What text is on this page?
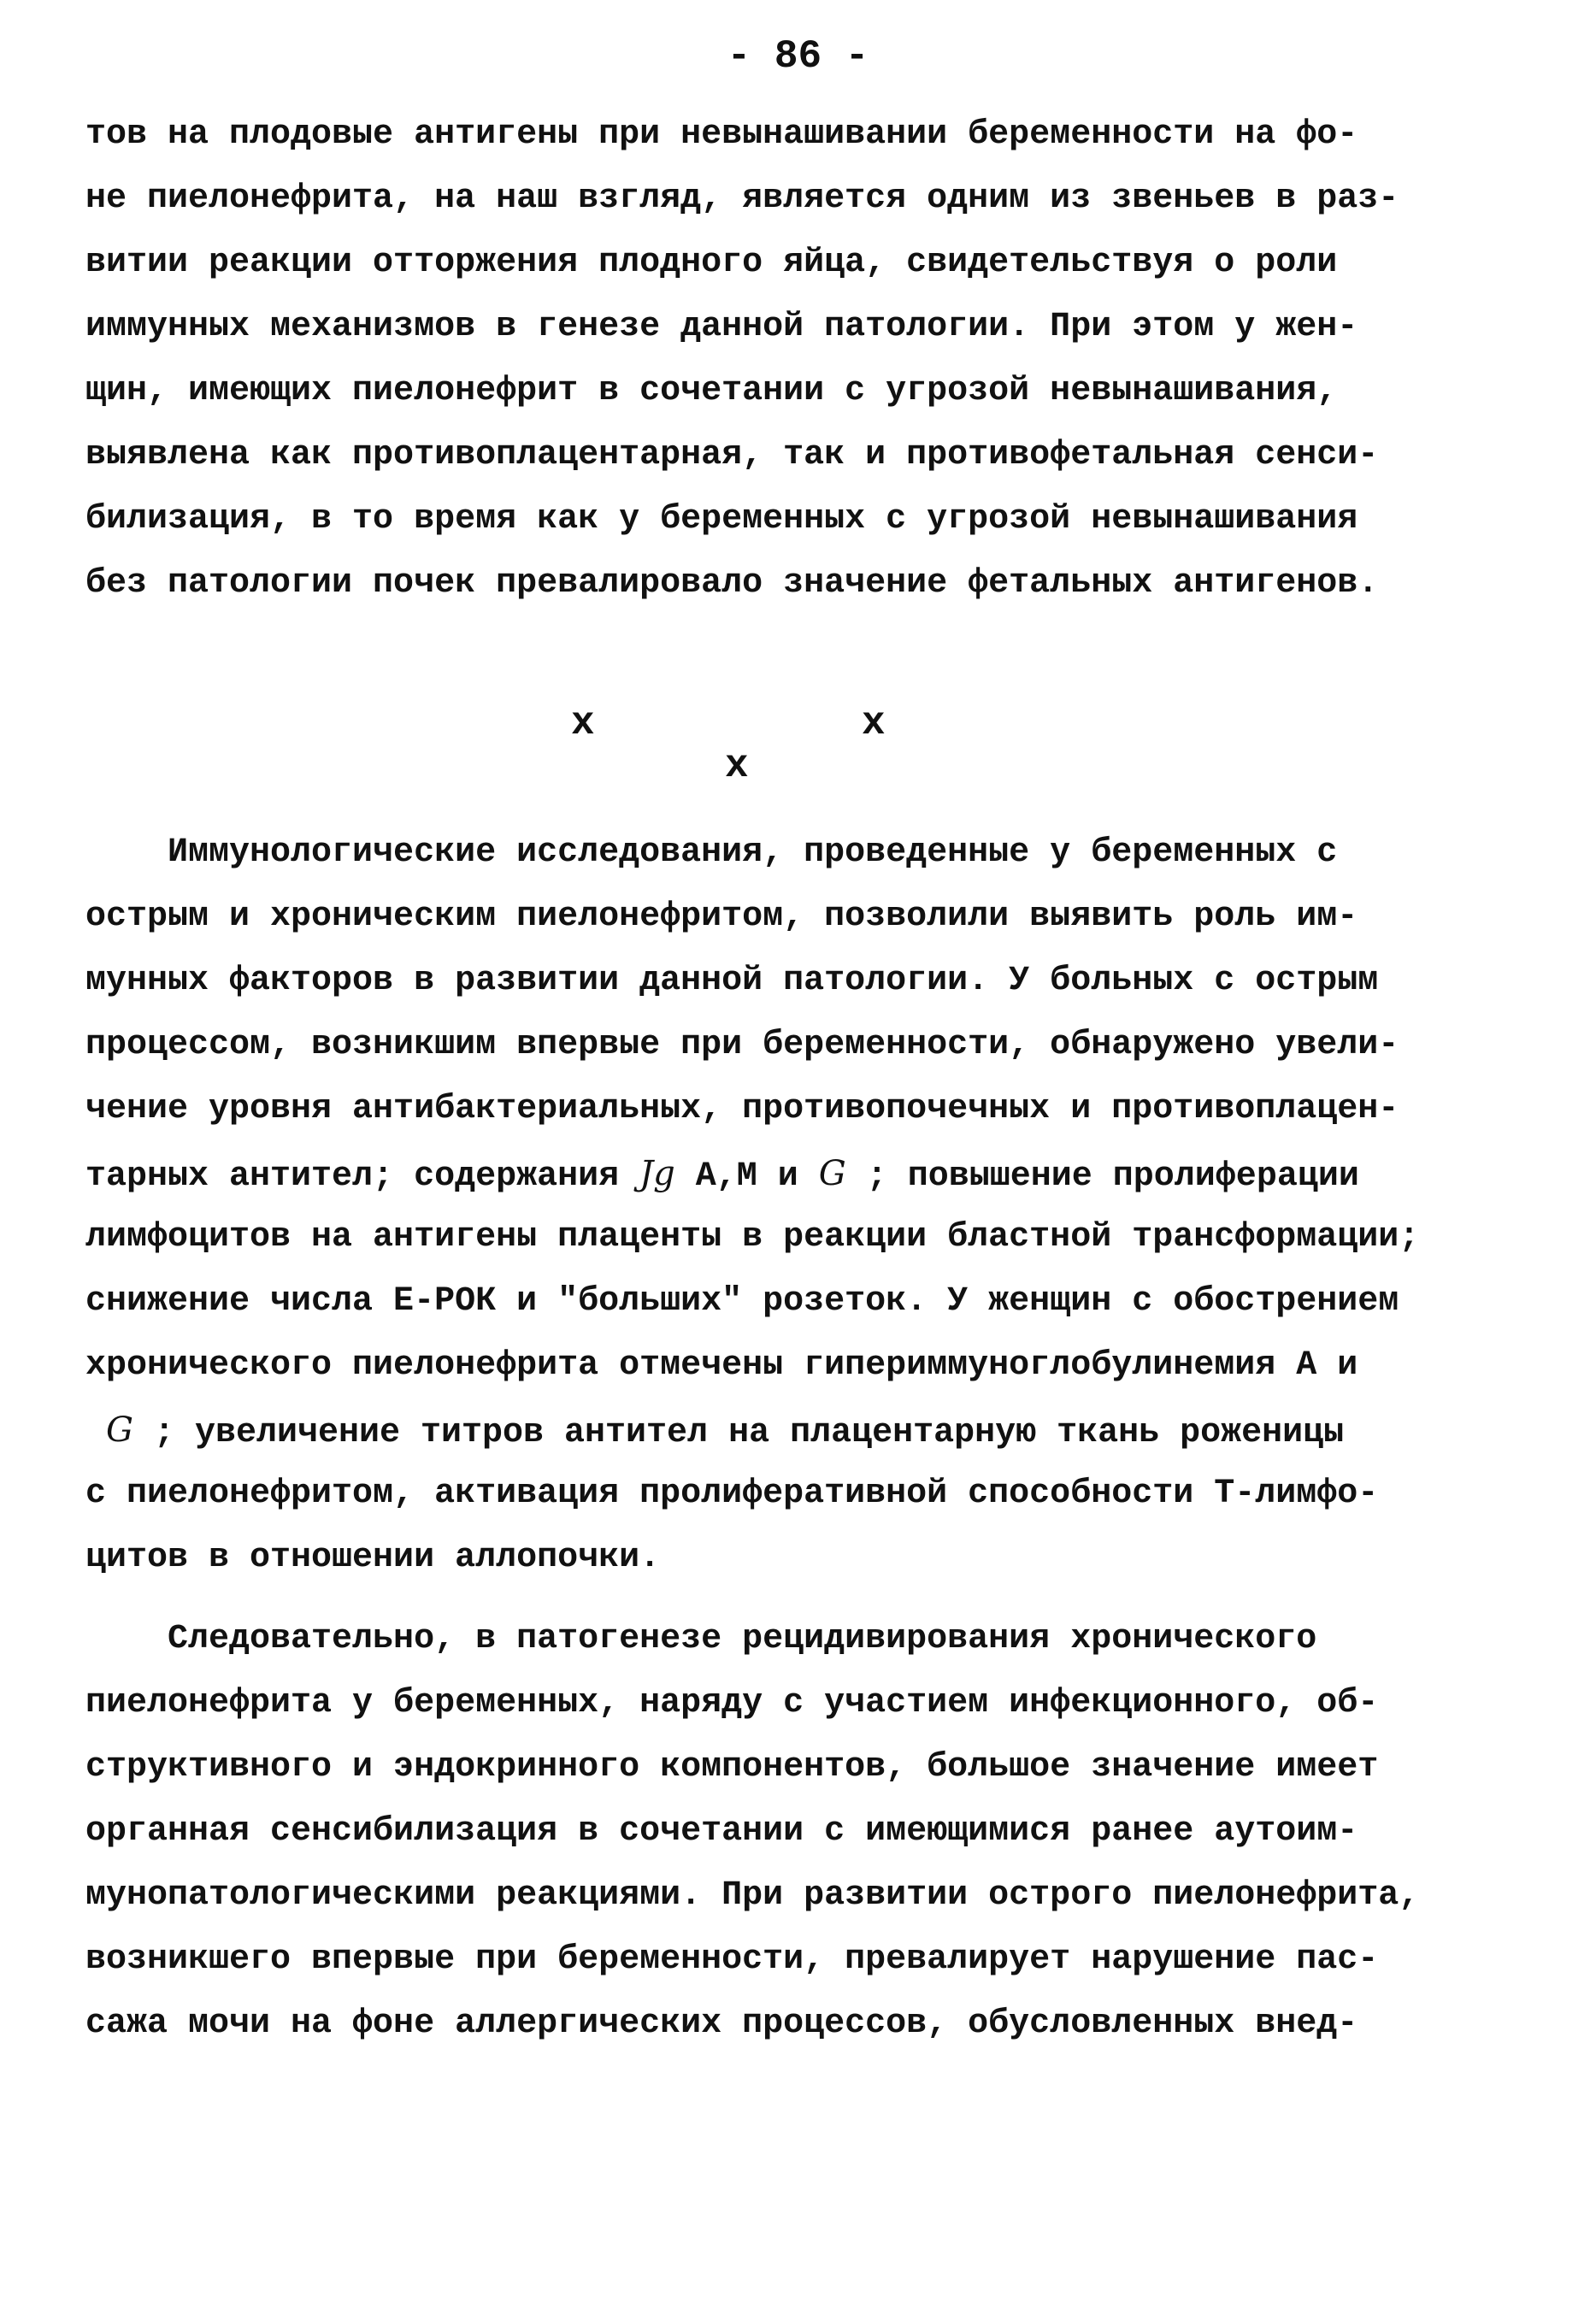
- 86 -
тов на плодовые антигены при невынашивании беременности на фо-
не пиелонефрита, на наш взгляд, является одним из звеньев в раз-
витии реакции отторжения плодного яйца, свидетельствуя о роли
иммунных механизмов в генезе данной патологии. При этом у жен-
щин, имеющих пиелонефрит в сочетании с угрозой невынашивания,
выявлена как противоплацентарная, так и противофетальная сенси-
билизация, в то время как у беременных с угрозой невынашивания
без патологии почек превалировало значение фетальных антигенов.
х	х
х
Иммунологические исследования, проведенные у беременных с
острым и хроническим пиелонефритом, позволили выявить роль им-
мунных факторов в развитии данной патологии. У больных с острым
процессом, возникшим впервые при беременности, обнаружено увели-
чение уровня антибактериальных, противопочечных и противоплацен-
тарных антител; содержания Jg A,M и G ; повышение пролиферации
лимфоцитов на антигены плаценты в реакции бластной трансформации;
снижение числа Е-РОК и "больших" розеток. У женщин с обострением
хронического пиелонефрита отмечены гипериммуноглобулинемия А и
G ; увеличение титров антител на плацентарную ткань роженицы
с пиелонефритом, активация пролиферативной способности Т-лимфо-
цитов в отношении аллопочки.
Следовательно, в патогенезе рецидивирования хронического
пиелонефрита у беременных, наряду с участием инфекционного, об-
структивного и эндокринного компонентов, большое значение имеет
органная сенсибилизация в сочетании с имеющимися ранее аутоим-
мунопатологическими реакциями. При развитии острого пиелонефрита,
возникшего впервые при беременности, превалирует нарушение пас-
сажа мочи на фоне аллергических процессов, обусловленных внед-
